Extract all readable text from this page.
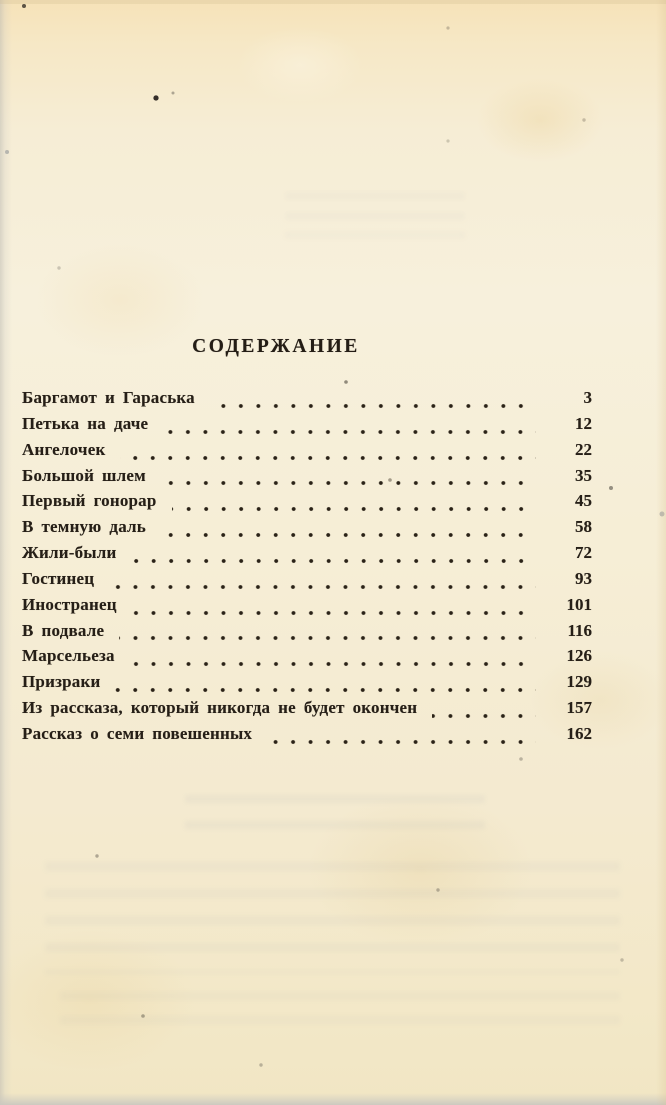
СОДЕРЖАНИЕ
Баргамот и Гараська	3
Петька на даче	12
Ангелочек	22
Большой шлем	35
Первый гонорар	45
В темную даль	58
Жили-были	72
Гостинец	93
Иностранец	101
В подвале	116
Марсельеза	126
Призраки	129
Из рассказа, который никогда не будет окончен	157
Рассказ о семи повешенных	162
